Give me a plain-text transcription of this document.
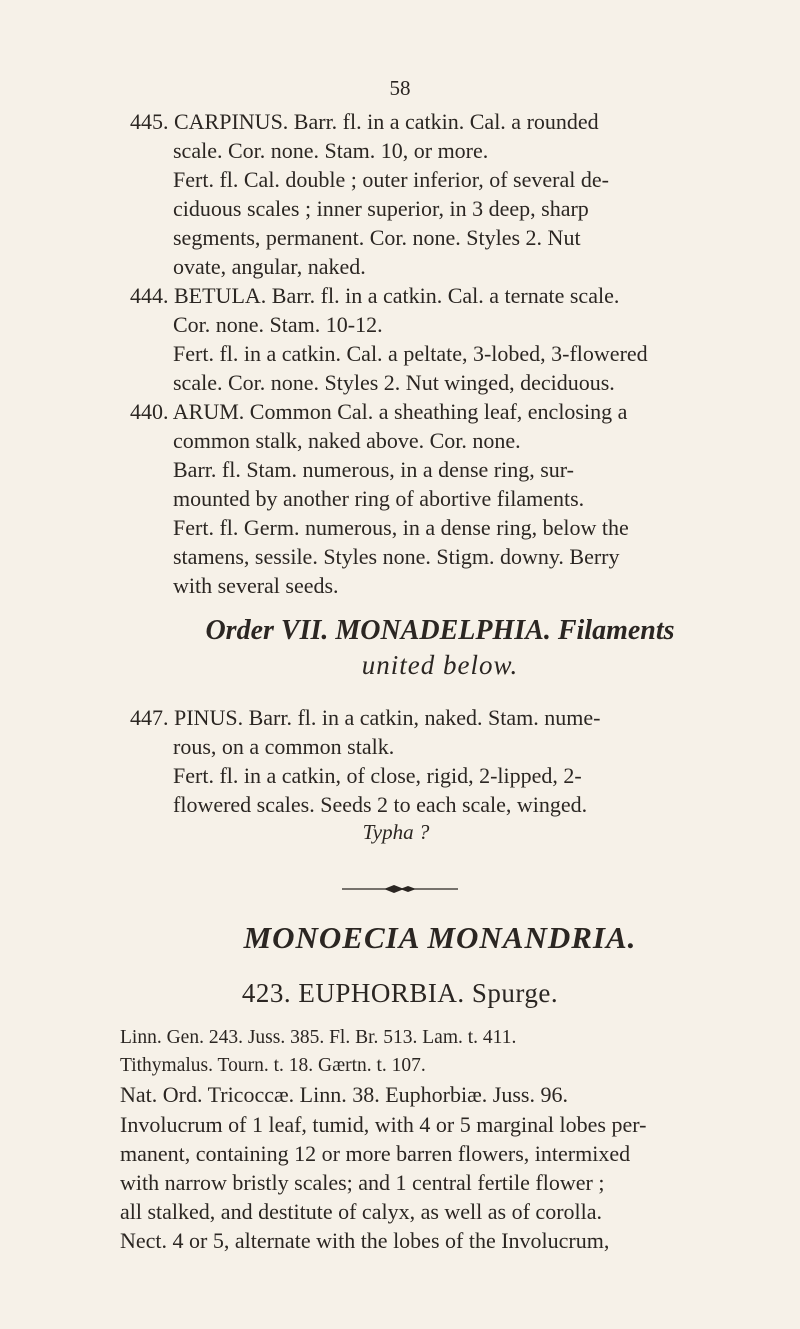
58
445. CARPINUS. Barr. fl. in a catkin. Cal. a rounded
scale. Cor. none. Stam. 10, or more.
Fert. fl. Cal. double ; outer inferior, of several de-
ciduous scales ; inner superior, in 3 deep, sharp
segments, permanent. Cor. none. Styles 2. Nut
ovate, angular, naked.
444. BETULA. Barr. fl. in a catkin. Cal. a ternate scale.
Cor. none. Stam. 10-12.
Fert. fl. in a catkin. Cal. a peltate, 3-lobed, 3-flowered
scale. Cor. none. Styles 2. Nut winged, deciduous.
440. ARUM. Common Cal. a sheathing leaf, enclosing a
common stalk, naked above. Cor. none.
Barr. fl. Stam. numerous, in a dense ring, sur-
mounted by another ring of abortive filaments.
Fert. fl. Germ. numerous, in a dense ring, below the
stamens, sessile. Styles none. Stigm. downy. Berry
with several seeds.
Order VII. MONADELPHIA. Filaments
united below.
447. PINUS. Barr. fl. in a catkin, naked. Stam. nume-
rous, on a common stalk.
Fert. fl. in a catkin, of close, rigid, 2-lipped, 2-
flowered scales. Seeds 2 to each scale, winged.
Typha ?
MONOECIA MONANDRIA.
423. EUPHORBIA. Spurge.
Linn. Gen. 243. Juss. 385. Fl. Br. 513. Lam. t. 411.
Tithymalus. Tourn. t. 18. Gærtn. t. 107.
Nat. Ord. Tricoccæ. Linn. 38. Euphorbiæ. Juss. 96.
Involucrum of 1 leaf, tumid, with 4 or 5 marginal lobes per-
manent, containing 12 or more barren flowers, intermixed
with narrow bristly scales; and 1 central fertile flower ;
all stalked, and destitute of calyx, as well as of corolla.
Nect. 4 or 5, alternate with the lobes of the Involucrum,
